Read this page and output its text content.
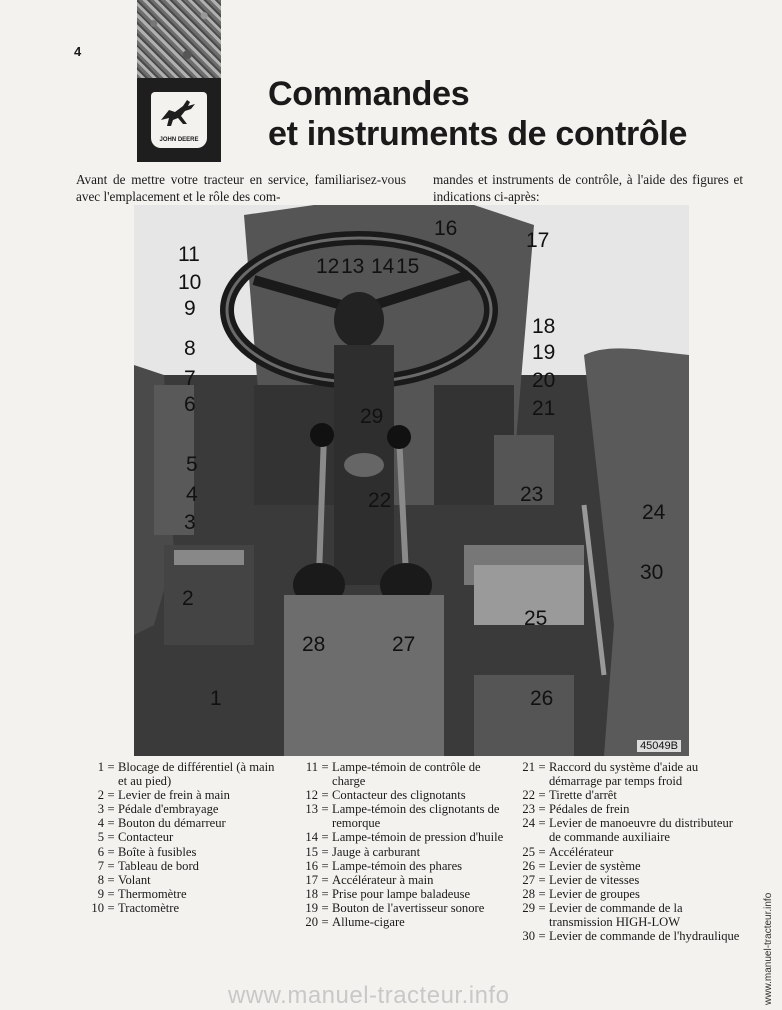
4
JOHN DEERE
Commandes
et instruments de contrôle
Avant de mettre votre tracteur en service, familiarisez-vous avec l'emplacement et le rôle des com-
mandes et instruments de contrôle, à l'aide des figures et indications ci-après:
16
17
11
12 13 14 15
10
9
18
8	19
7	20
21
6
29
5
4	23
22
24
3
30
2
25
28	27
26
1
45049B
1 = Blocage de différentiel (à main et au pied)
2 = Levier de frein à main
3 = Pédale d'embrayage
4 = Bouton du démarreur
5 = Contacteur
6 = Boîte à fusibles
7 = Tableau de bord
8 = Volant
9 = Thermomètre
10 = Tractomètre
11 = Lampe-témoin de contrôle de charge
12 = Contacteur des clignotants
13 = Lampe-témoin des clignotants de remorque
14 = Lampe-témoin de pression d'huile
15 = Jauge à carburant
16 = Lampe-témoin des phares
17 = Accélérateur à main
18 = Prise pour lampe baladeuse
19 = Bouton de l'avertisseur sonore
20 = Allume-cigare
21 = Raccord du système d'aide au démarrage par temps froid
22 = Tirette d'arrêt
23 = Pédales de frein
24 = Levier de manoeuvre du distributeur de commande auxiliaire
25 = Accélérateur
26 = Levier de système
27 = Levier de vitesses
28 = Levier de groupes
29 = Levier de commande de la transmission HIGH-LOW
30 = Levier de commande de l'hydraulique
www.manuel-tracteur.info	www.manuel-tracteur.info
